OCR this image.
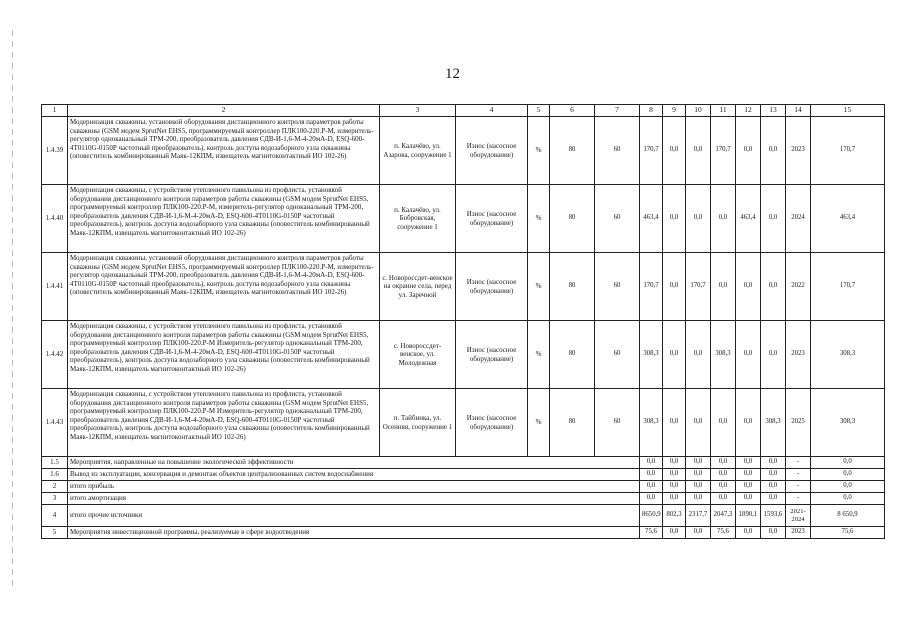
12
1	2	3	4	5	6	7	8	9	10	11	12	13	14	15
1.4.39	Модернизация скважины, установкой оборудования дистанционного контроля параметров работы скважины (GSM модем SprutNet EHS5, программируемый контроллер ПЛК100-220.Р-М, измеритель-регулятор одноканальный ТРМ-200, преобразователь давления СДВ-И-1,6-М-4-20мА-D, ESQ-600-4Т0110G-0150Р частотный преобразователь), контроль доступа водозаборного узла скважины (оповеститель комбинированный Маяк-12КПМ, извещатель магнитоконтактный ИО 102-26)	п. Калачёво, ул. Азарова, сооружение 1	Износ (насосное оборудование)	%	80	60	170,7	0,0	0,0	170,7	0,0	0,0	2023	170,7
1.4.40	Модернизация скважины, с устройством утепленного павильона из профлиста, установкой оборудования дистанционного контроля параметров работы скважины (GSM модем SprutNet EHS5, программируемый контроллер ПЛК100-220.Р-М, измеритель-регулятор одноканальный ТРМ-200, преобразователь давления СДВ-И-1,6-М-4-20мА-D, ESQ-600-4Т0110G-0150Р частотный преобразователь), контроль доступа водозаборного узла скважины (оповеститель комбинированный Маяк-12КПМ, извещатель магнитоконтактный ИО 102-26)	п. Калачёво, ул. Бобровская, сооружение 1	Износ (насосное оборудование)	%	80	60	463,4	0,0	0,0	0,0	463,4	0,0	2024	463,4
1.4.41	Модернизация скважины, установкой оборудования дистанционного контроля параметров работы скважины (GSM модем SprutNet EHS5, программируемый контроллер ПЛК100-220.Р-М, измеритель-регулятор одноканальный ТРМ-200, преобразователь давления СДВ-И-1,6-М-4-20мА-D, ESQ-600-4Т0110G-0150Р частотный преобразователь), контроль доступа водозаборного узла скважины (оповеститель комбинированный Маяк-12КПМ, извещатель магнитоконтактный ИО 102-26)	с. Новороссдет-венское на окраине села, перед ул. Заречной	Износ (насосное оборудование)	%	80	60	170,7	0,0	170,7	0,0	0,0	0,0	2022	170,7
1.4.42	Модернизация скважины, с устройством утепленного павильона из профлиста, установкой оборудования дистанционного контроля параметров работы скважины (GSM модем SprutNet EHS5, программируемый контроллер ПЛК100-220.Р-М Измеритель-регулятор одноканальный ТРМ-200, преобразователь давления СДВ-И-1,6-М-4-20мА-D, ESQ-600-4Т0110G-0150Р частотный преобразователь), контроль доступа водозаборного узла скважины (оповеститель комбинированный Маяк-12КПМ, извещатель магнитоконтактный ИО 102-26)	с. Новороссдет-венское, ул. Молодежная	Износ (насосное оборудование)	%	80	60	308,3	0,0	0,0	308,3	0,0	0,0	2023	308,3
1.4.43	Модернизация скважины, с устройством утепленного павильона из профлиста, установкой оборудования дистанционного контроля параметров работы скважины (GSM модем SprutNet EHS5, программируемый контроллер ПЛК100-220.Р-М Измеритель-регулятор одноканальный ТРМ-200, преобразователь давления СДВ-И-1,6-М-4-20мА-D, ESQ-600-4Т0110G-0150Р частотный преобразователь), контроль доступа водозаборного узла скважины (оповеститель комбинированный Маяк-12КПМ, извещатель магнитоконтактный ИО 102-26)	п. Тайбинка, ул. Осенняя, сооружение 1	Износ (насосное оборудование)	%	80	60	308,3	0,0	0,0	0,0	0,0	308,3	2025	308,3
1.5	Мероприятия, направленные на повышение экологической эффективности						0,0	0,0	0,0	0,0	0,0	0,0	-	0,0
1.6	Вывод из эксплуатации, консервация и демонтаж объектов централизованных систем водоснабжения						0,0	0,0	0,0	0,0	0,0	0,0	-	0,0
2	итого прибыль						0,0	0,0	0,0	0,0	0,0	0,0	-	0,0
3	итого амортизация						0,0	0,0	0,0	0,0	0,0	0,0	-	0,0
4	итого прочие источники						8650,9	802,3	2317,7	2047,3	1890,1	1593,6	2021-2024	8 650,9
5	Мероприятия инвестиционной программы, реализуемые в сфере водоотведения						75,6	0,0	0,0	75,6	0,0	0,0	2023	75,6
